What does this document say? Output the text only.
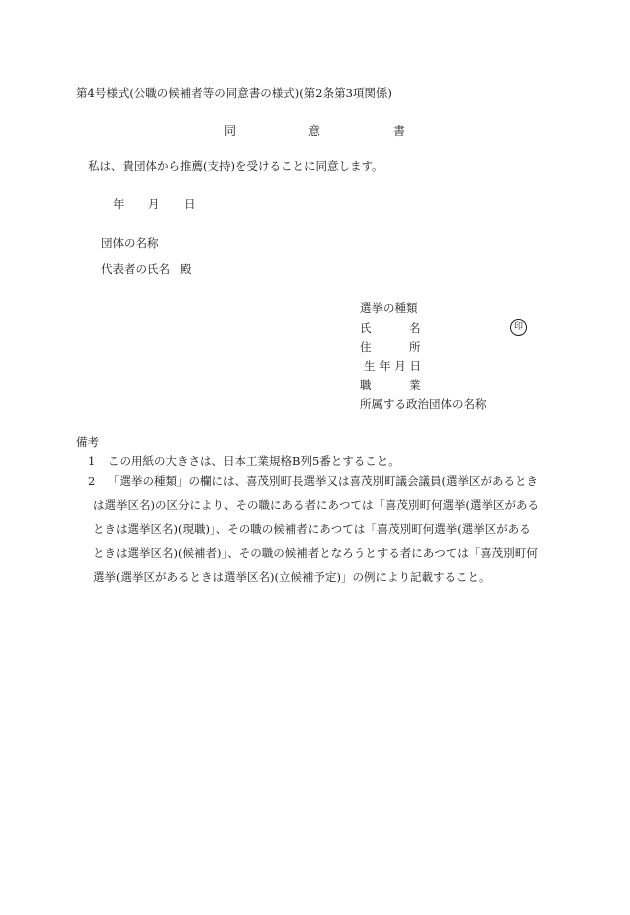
第4号様式(公職の候補者等の同意書の様式)(第2条第3項関係)
同	意	書
私は、貴団体から推薦(支持)を受けることに同意します。
年 月 日
団体の名称
代表者の氏名 殿
選挙の種類
氏	名	印
住	所
生 年 月 日
職	業
所属する政治団体の名称
備考
1 この用紙の大きさは、日本工業規格B列5番とすること。
2 「選挙の種類」の欄には、喜茂別町長選挙又は喜茂別町議会議員(選挙区があるとき
は選挙区名)の区分により、その職にある者にあつては「喜茂別町何選挙(選挙区がある
ときは選挙区名)(現職)」、その職の候補者にあつては「喜茂別町何選挙(選挙区がある
ときは選挙区名)(候補者)」、その職の候補者となろうとする者にあつては「喜茂別町何
選挙(選挙区があるときは選挙区名)(立候補予定)」の例により記載すること。
